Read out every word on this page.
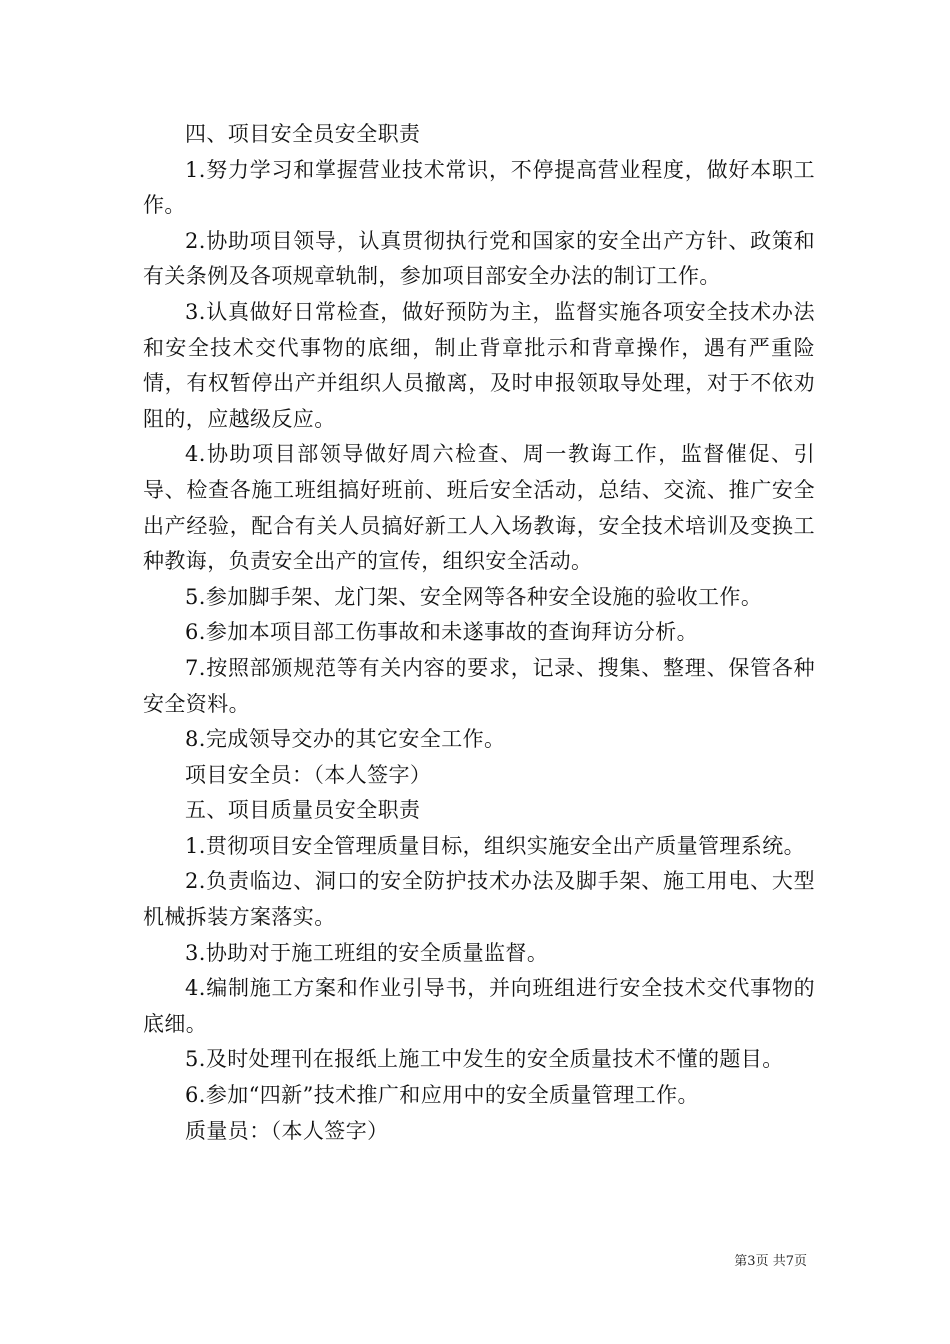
四、项目安全员安全职责

1.努力学习和掌握营业技术常识，不停提高营业程度，做好本职工作。

2.协助项目领导，认真贯彻执行党和国家的安全出产方针、政策和有关条例及各项规章轨制，参加项目部安全办法的制订工作。

3.认真做好日常检查，做好预防为主，监督实施各项安全技术办法和安全技术交代事物的底细，制止背章批示和背章操作，遇有严重险情，有权暂停出产并组织人员撤离，及时申报领取导处理，对于不依劝阻的，应越级反应。

4.协助项目部领导做好周六检查、周一教诲工作，监督催促、引导、检查各施工班组搞好班前、班后安全活动，总结、交流、推广安全出产经验，配合有关人员搞好新工人入场教诲，安全技术培训及变换工种教诲，负责安全出产的宣传，组织安全活动。

5.参加脚手架、龙门架、安全网等各种安全设施的验收工作。

6.参加本项目部工伤事故和未遂事故的查询拜访分析。

7.按照部颁规范等有关内容的要求，记录、搜集、整理、保管各种安全资料。

8.完成领导交办的其它安全工作。

项目安全员：（本人签字）

五、项目质量员安全职责

1.贯彻项目安全管理质量目标，组织实施安全出产质量管理系统。

2.负责临边、洞口的安全防护技术办法及脚手架、施工用电、大型机械拆装方案落实。

3.协助对于施工班组的安全质量监督。

4.编制施工方案和作业引导书，并向班组进行安全技术交代事物的底细。

5.及时处理刊在报纸上施工中发生的安全质量技术不懂的题目。

6.参加“四新”技术推广和应用中的安全质量管理工作。

质量员：（本人签字）

第3页 共7页
